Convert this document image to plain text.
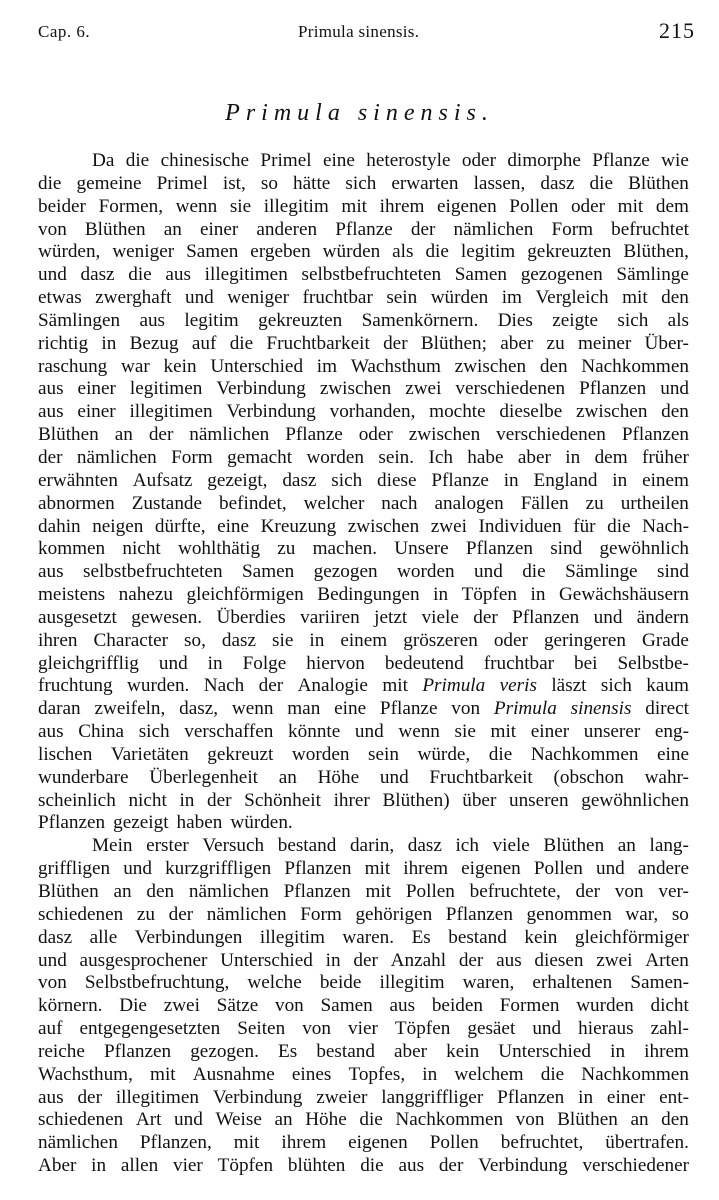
Cap. 6.	Primula sinensis.	215
Primula sinensis.
Da die chinesische Primel eine heterostyle oder dimorphe Pflanze wie
die gemeine Primel ist, so hätte sich erwarten lassen, dasz die Blüthen
beider Formen, wenn sie illegitim mit ihrem eigenen Pollen oder mit dem
von Blüthen an einer anderen Pflanze der nämlichen Form befruchtet
würden, weniger Samen ergeben würden als die legitim gekreuzten Blüthen,
und dasz die aus illegitimen selbstbefruchteten Samen gezogenen Sämlinge
etwas zwerghaft und weniger fruchtbar sein würden im Vergleich mit den
Sämlingen aus legitim gekreuzten Samenkörnern. Dies zeigte sich als
richtig in Bezug auf die Fruchtbarkeit der Blüthen; aber zu meiner Über-
raschung war kein Unterschied im Wachsthum zwischen den Nachkommen
aus einer legitimen Verbindung zwischen zwei verschiedenen Pflanzen und
aus einer illegitimen Verbindung vorhanden, mochte dieselbe zwischen den
Blüthen an der nämlichen Pflanze oder zwischen verschiedenen Pflanzen
der nämlichen Form gemacht worden sein. Ich habe aber in dem früher
erwähnten Aufsatz gezeigt, dasz sich diese Pflanze in England in einem
abnormen Zustande befindet, welcher nach analogen Fällen zu urtheilen
dahin neigen dürfte, eine Kreuzung zwischen zwei Individuen für die Nach-
kommen nicht wohlthätig zu machen. Unsere Pflanzen sind gewöhnlich
aus selbstbefruchteten Samen gezogen worden und die Sämlinge sind
meistens nahezu gleichförmigen Bedingungen in Töpfen in Gewächshäusern
ausgesetzt gewesen. Überdies variiren jetzt viele der Pflanzen und ändern
ihren Character so, dasz sie in einem gröszeren oder geringeren Grade
gleichgrifflig und in Folge hiervon bedeutend fruchtbar bei Selbstbe-
fruchtung wurden. Nach der Analogie mit Primula veris läszt sich kaum
daran zweifeln, dasz, wenn man eine Pflanze von Primula sinensis direct
aus China sich verschaffen könnte und wenn sie mit einer unserer eng-
lischen Varietäten gekreuzt worden sein würde, die Nachkommen eine
wunderbare Überlegenheit an Höhe und Fruchtbarkeit (obschon wahr-
scheinlich nicht in der Schönheit ihrer Blüthen) über unseren gewöhnlichen
Pflanzen gezeigt haben würden.
Mein erster Versuch bestand darin, dasz ich viele Blüthen an lang-
griffligen und kurzgriffligen Pflanzen mit ihrem eigenen Pollen und andere
Blüthen an den nämlichen Pflanzen mit Pollen befruchtete, der von ver-
schiedenen zu der nämlichen Form gehörigen Pflanzen genommen war, so
dasz alle Verbindungen illegitim waren. Es bestand kein gleichförmiger
und ausgesprochener Unterschied in der Anzahl der aus diesen zwei Arten
von Selbstbefruchtung, welche beide illegitim waren, erhaltenen Samen-
körnern. Die zwei Sätze von Samen aus beiden Formen wurden dicht
auf entgegengesetzten Seiten von vier Töpfen gesäet und hieraus zahl-
reiche Pflanzen gezogen. Es bestand aber kein Unterschied in ihrem
Wachsthum, mit Ausnahme eines Topfes, in welchem die Nachkommen
aus der illegitimen Verbindung zweier langgriffliger Pflanzen in einer ent-
schiedenen Art und Weise an Höhe die Nachkommen von Blüthen an den
nämlichen Pflanzen, mit ihrem eigenen Pollen befruchtet, übertrafen.
Aber in allen vier Töpfen blühten die aus der Verbindung verschiedener
